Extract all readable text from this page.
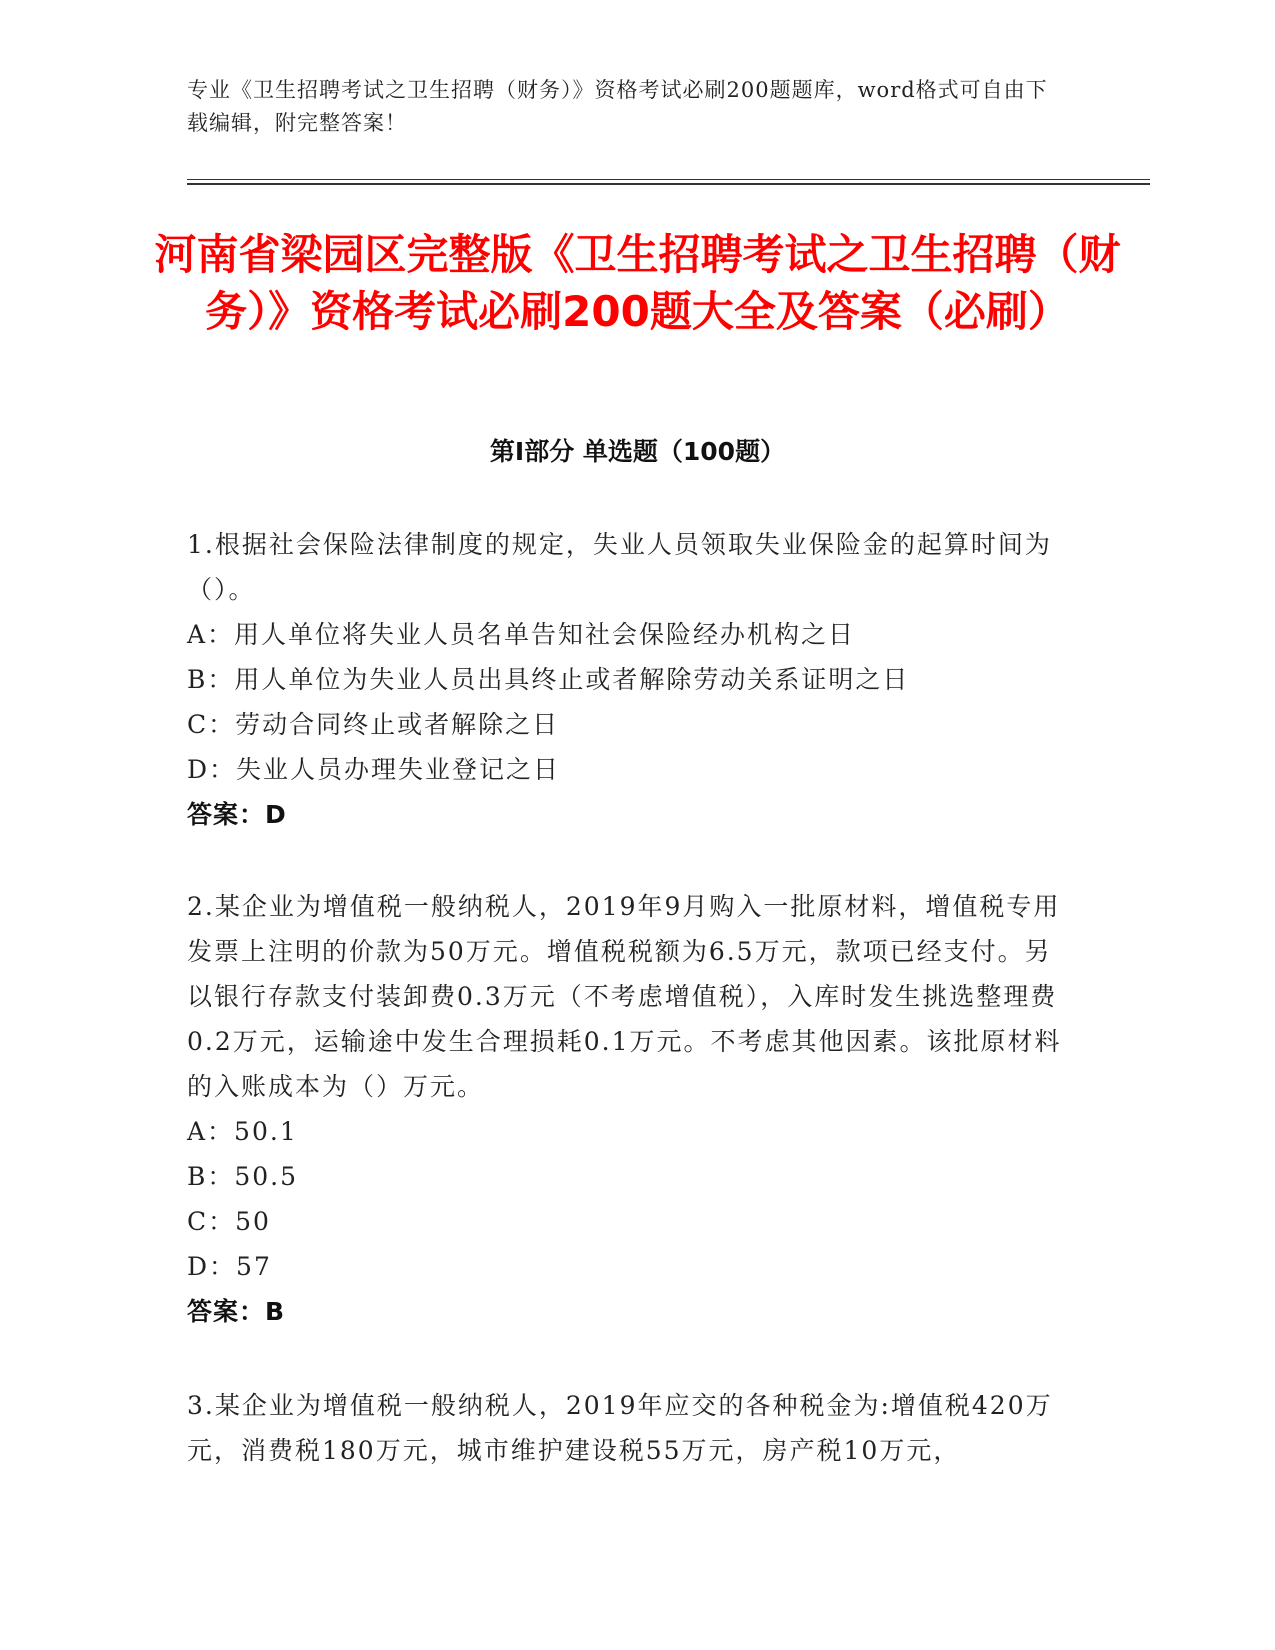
专业《卫生招聘考试之卫生招聘（财务）》资格考试必刷200题题库，word格式可自由下载编辑，附完整答案！
河南省梁园区完整版《卫生招聘考试之卫生招聘（财务）》资格考试必刷200题大全及答案（必刷）
第I部分 单选题（100题）

1.根据社会保险法律制度的规定，失业人员领取失业保险金的起算时间为（）。

A：用人单位将失业人员名单告知社会保险经办机构之日

B：用人单位为失业人员出具终止或者解除劳动关系证明之日

C：劳动合同终止或者解除之日

D：失业人员办理失业登记之日

答案：D

2.某企业为增值税一般纳税人，2019年9月购入一批原材料，增值税专用发票上注明的价款为50万元。增值税税额为6.5万元，款项已经支付。另以银行存款支付装卸费0.3万元（不考虑增值税），入库时发生挑选整理费0.2万元，运输途中发生合理损耗0.1万元。不考虑其他因素。该批原材料的入账成本为（）万元。

A：50.1

B：50.5

C：50

D：57

答案：B

3.某企业为增值税一般纳税人，2019年应交的各种税金为:增值税420万元，消费税180万元，城市维护建设税55万元，房产税10万元，
